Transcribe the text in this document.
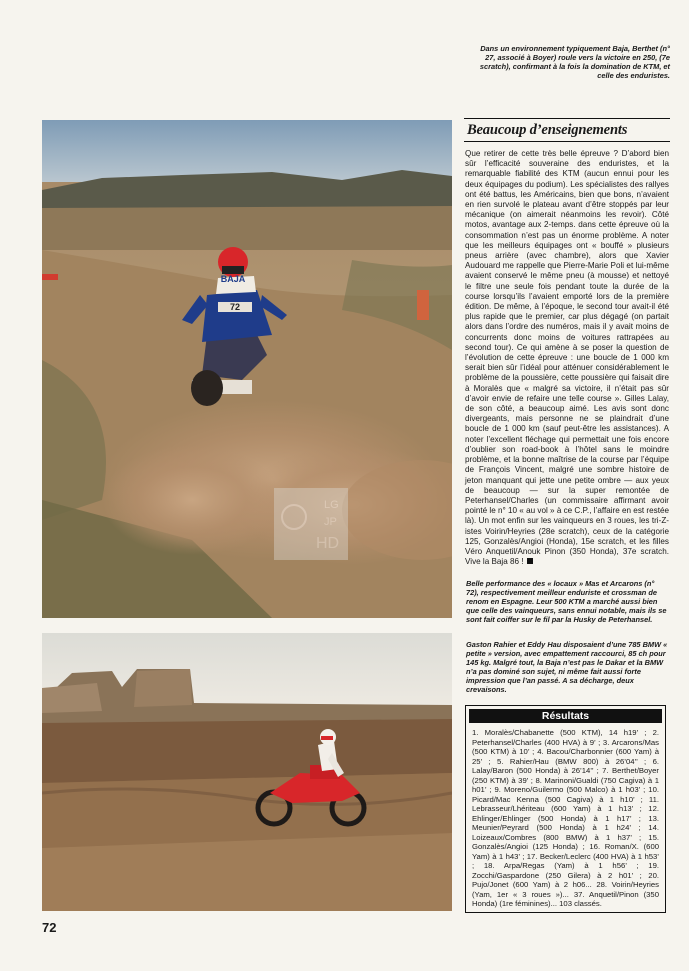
Dans un environnement typiquement Baja, Berthet (n° 27, associé à Boyer) roule vers la victoire en 250, (7e scratch), confirmant à la fois la domination de KTM, et celle des enduristes.

BAJA
72
LG
JP
HD
Beaucoup d’enseignements

Que retirer de cette très belle épreuve ? D’abord bien sûr l’efficacité souveraine des enduristes, et la remarquable fiabilité des KTM (aucun ennui pour les deux équipages du podium). Les spécialistes des rallyes ont été battus, les Américains, bien que bons, n’avaient en rien survolé le plateau avant d’être stoppés par leur mécanique (on aimerait néanmoins les revoir). Côté motos, avantage aux 2-temps. dans cette épreuve où la consommation n’est pas un énorme problème. A noter que les meilleurs équipages ont « bouffé » plusieurs pneus arrière (avec chambre), alors que Xavier Audouard me rappelle que Pierre-Marie Poli et lui-même avaient conservé le même pneu (à mousse) et nettoyé le filtre une seule fois pendant toute la durée de la course lorsqu’ils l’avaient emporté lors de la première édition. De même, à l’époque, le second tour avait-il été plus rapide que le premier, car plus dégagé (on partait alors dans l’ordre des numéros, mais il y avait moins de concurrents donc moins de voitures rattrapées au second tour). Ce qui amène à se poser la question de l’évolution de cette épreuve : une boucle de 1 000 km serait bien sûr l’idéal pour atténuer considérablement le problème de la poussière, cette poussière qui faisait dire à Moralès que « malgré sa victoire, il n’était pas sûr d’avoir envie de refaire une telle course ». Gilles Lalay, de son côté, a beaucoup aimé. Les avis sont donc divergeants, mais personne ne se plaindrait d’une boucle de 1 000 km (sauf peut-être les assistances). A noter l’excellent fléchage qui permettait une fois encore d’oublier son road-book à l’hôtel sans le moindre problème, et la bonne maîtrise de la course par l’équipe de François Vincent, malgré une sombre histoire de jeton manquant qui jette une petite ombre — aux yeux de beaucoup — sur la super remontée de Peterhansel/Charles (un commissaire affirmant avoir pointé le n° 10 « au vol » à ce C.P., l’affaire en est restée là). Un mot enfin sur les vainqueurs en 3 roues, les tri-Z-istes Voirin/Heyries (28e scratch), ceux de la catégorie 125, Gonzalès/Angioi (Honda), 15e scratch, et les filles Véro Anquetil/Anouk Pinon (350 Honda), 37e scratch. Vive la Baja 86 !

Belle performance des « locaux » Mas et Arcarons (n° 72), respectivement meilleur enduriste et crossman de renom en Espagne. Leur 500 KTM a marché aussi bien que celle des vainqueurs, sans ennui notable, mais ils se sont fait coiffer sur le fil par la Husky de Peterhansel.

Gaston Rahier et Eddy Hau disposaient d’une 785 BMW « petite » version, avec empattement raccourci, 85 ch pour 145 kg. Malgré tout, la Baja n’est pas le Dakar et la BMW n’a pas dominé son sujet, ni même fait aussi forte impression que l’an passé. A sa décharge, deux crevaisons.

Résultats

1. Moralès/Chabanette (500 KTM), 14 h19’ ; 2. Peterhansel/Charles (400 HVA) à 9’ ; 3. Arcarons/Mas (500 KTM) à 10’ ; 4. Bacou/Charbonnier (600 Yam) à 25’ ; 5. Rahier/Hau (BMW 800) à 26’04’’ ; 6. Lalay/Baron (500 Honda) à 26’14’’ ; 7. Berthet/Boyer (250 KTM) à 39’ ; 8. Marinoni/Gualdi (750 Cagiva) à 1 h01’ ; 9. Moreno/Guilermo (500 Malco) à 1 h03’ ; 10. Picard/Mac Kenna (500 Cagiva) à 1 h10’ ; 11. Lebrasseur/Lhériteau (600 Yam) à 1 h13’ ; 12. Ehlinger/Ehlinger (500 Honda) à 1 h17’ ; 13. Meunier/Peyrard (500 Honda) à 1 h24’ ; 14. Loizeaux/Combres (800 BMW) à 1 h37’ ; 15. Gonzalès/Angioi (125 Honda) ; 16. Roman/X. (600 Yam) à 1 h43’ ; 17. Becker/Leclerc (400 HVA) à 1 h53’ ; 18. Arpa/Regas (Yam) à 1 h56’ ; 19. Zocchi/Gaspardone (250 Gilera) à 2 h01’ ; 20. Pujo/Jonet (600 Yam) à 2 h06... 28. Voirin/Heyries (Yam, 1er « 3 roues »)... 37. Anquetil/Pinon (350 Honda) (1re féminines)... 103 classés.

72
